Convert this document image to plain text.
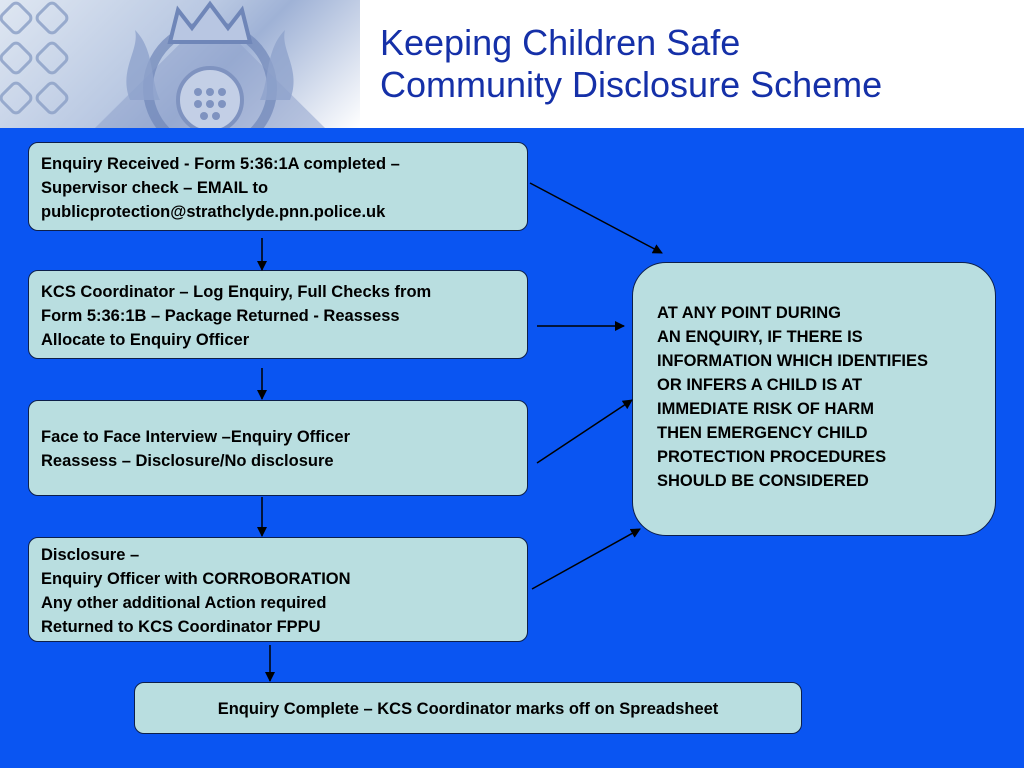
Keeping Children Safe
Community Disclosure Scheme
Enquiry Received - Form 5:36:1A completed –
Supervisor check – EMAIL to
publicprotection@strathclyde.pnn.police.uk
KCS Coordinator – Log Enquiry, Full Checks from
Form 5:36:1B – Package Returned - Reassess
Allocate to Enquiry Officer
Face to Face Interview –Enquiry Officer
Reassess – Disclosure/No disclosure
Disclosure –
Enquiry Officer with CORROBORATION
Any other additional Action required
Returned to KCS Coordinator FPPU
Enquiry Complete – KCS Coordinator marks off on Spreadsheet
AT ANY POINT DURING
AN ENQUIRY, IF THERE IS
INFORMATION WHICH IDENTIFIES
OR INFERS A CHILD IS AT
IMMEDIATE RISK OF HARM
THEN EMERGENCY CHILD
PROTECTION PROCEDURES
SHOULD BE CONSIDERED
